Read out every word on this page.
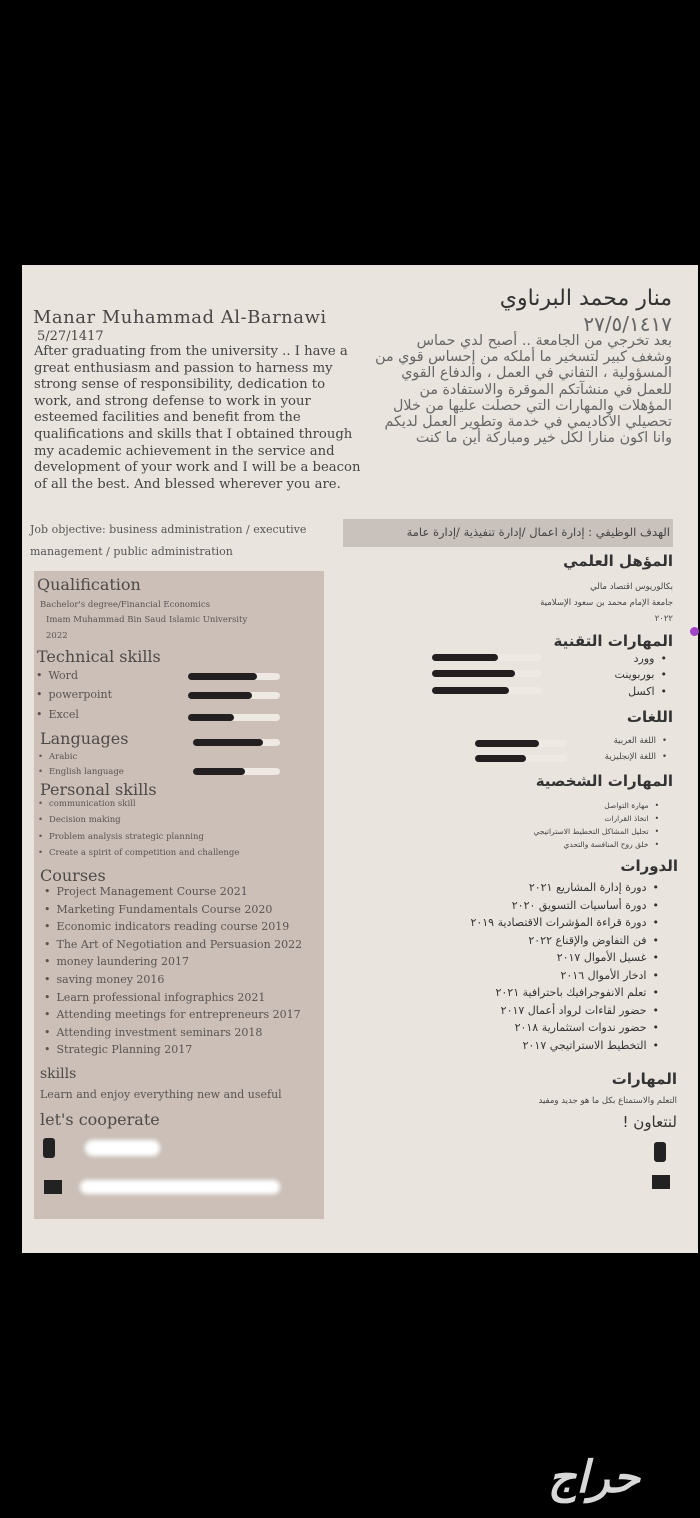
Manar Muhammad Al-Barnawi
5/27/1417
After graduating from the university .. I have a great enthusiasm and passion to harness my strong sense of responsibility, dedication to work, and strong defense to work in your esteemed facilities and benefit from the qualifications and skills that I obtained through my academic achievement in the service and development of your work and I will be a beacon of all the best. And blessed wherever you are.
Job objective: business administration / executive management / public administration
منار محمد البرناوي
٢٧/٥/١٤١٧
بعد تخرجي من الجامعة .. أصبح لدي حماس وشغف كبير لتسخير ما أملكه من إحساس قوي من المسؤولية ، التفاني في العمل ، والدفاع القوي للعمل في منشآتكم الموقرة والاستفادة من المؤهلات والمهارات التي حصلت عليها من خلال تحصيلي الأكاديمي في خدمة وتطوير العمل لديكم وانا اكون منارا لكل خير ومباركة أين ما كنت
الهدف الوظيفي : إدارة اعمال /إدارة تنفيذية /إدارة عامة
Qualification
Bachelor's degree/Financial Economics
Imam Muhammad Bin Saud Islamic University
2022
Technical skills
• Word
• powerpoint
• Excel
Languages
• Arabic
• English language
Personal skills
• communication skill
• Decision making
• Problem analysis strategic planning
• Create a spirit of competition and challenge
Courses
• Project Management Course 2021
• Marketing Fundamentals Course 2020
• Economic indicators reading course 2019
• The Art of Negotiation and Persuasion 2022
• money laundering 2017
• saving money 2016
• Learn professional infographics 2021
• Attending meetings for entrepreneurs 2017
• Attending investment seminars 2018
• Strategic Planning 2017
skills
Learn and enjoy everything new and useful
let's cooperate
المؤهل العلمي
بكالوريوس اقتصاد مالي
جامعة الإمام محمد بن سعود الإسلامية
٢٠٢٢
المهارات التقنية
• وورد
• بوربوينت
• اكسل
اللغات
• اللغة العربية
• اللغة الإنجليزية
المهارات الشخصية
• مهارة التواصل
• اتخاذ القرارات
• تحليل المشاكل التخطيط الاستراتيجي
• خلق روح المنافسة والتحدي
الدورات
• دورة إدارة المشاريع ٢٠٢١
• دورة أساسيات التسويق ٢٠٢٠
• دورة قراءة المؤشرات الاقتصادية ٢٠١٩
• فن التفاوض والإقناع ٢٠٢٢
• غسيل الأموال ٢٠١٧
• ادخار الأموال ٢٠١٦
• تعلم الانفوجرافيك باحترافية ٢٠٢١
• حضور لقاءات لرواد أعمال ٢٠١٧
• حضور ندوات استثمارية ٢٠١٨
• التخطيط الاستراتيجي ٢٠١٧
المهارات
التعلم والاستمتاع بكل ما هو جديد ومفيد
لنتعاون !
حراج
